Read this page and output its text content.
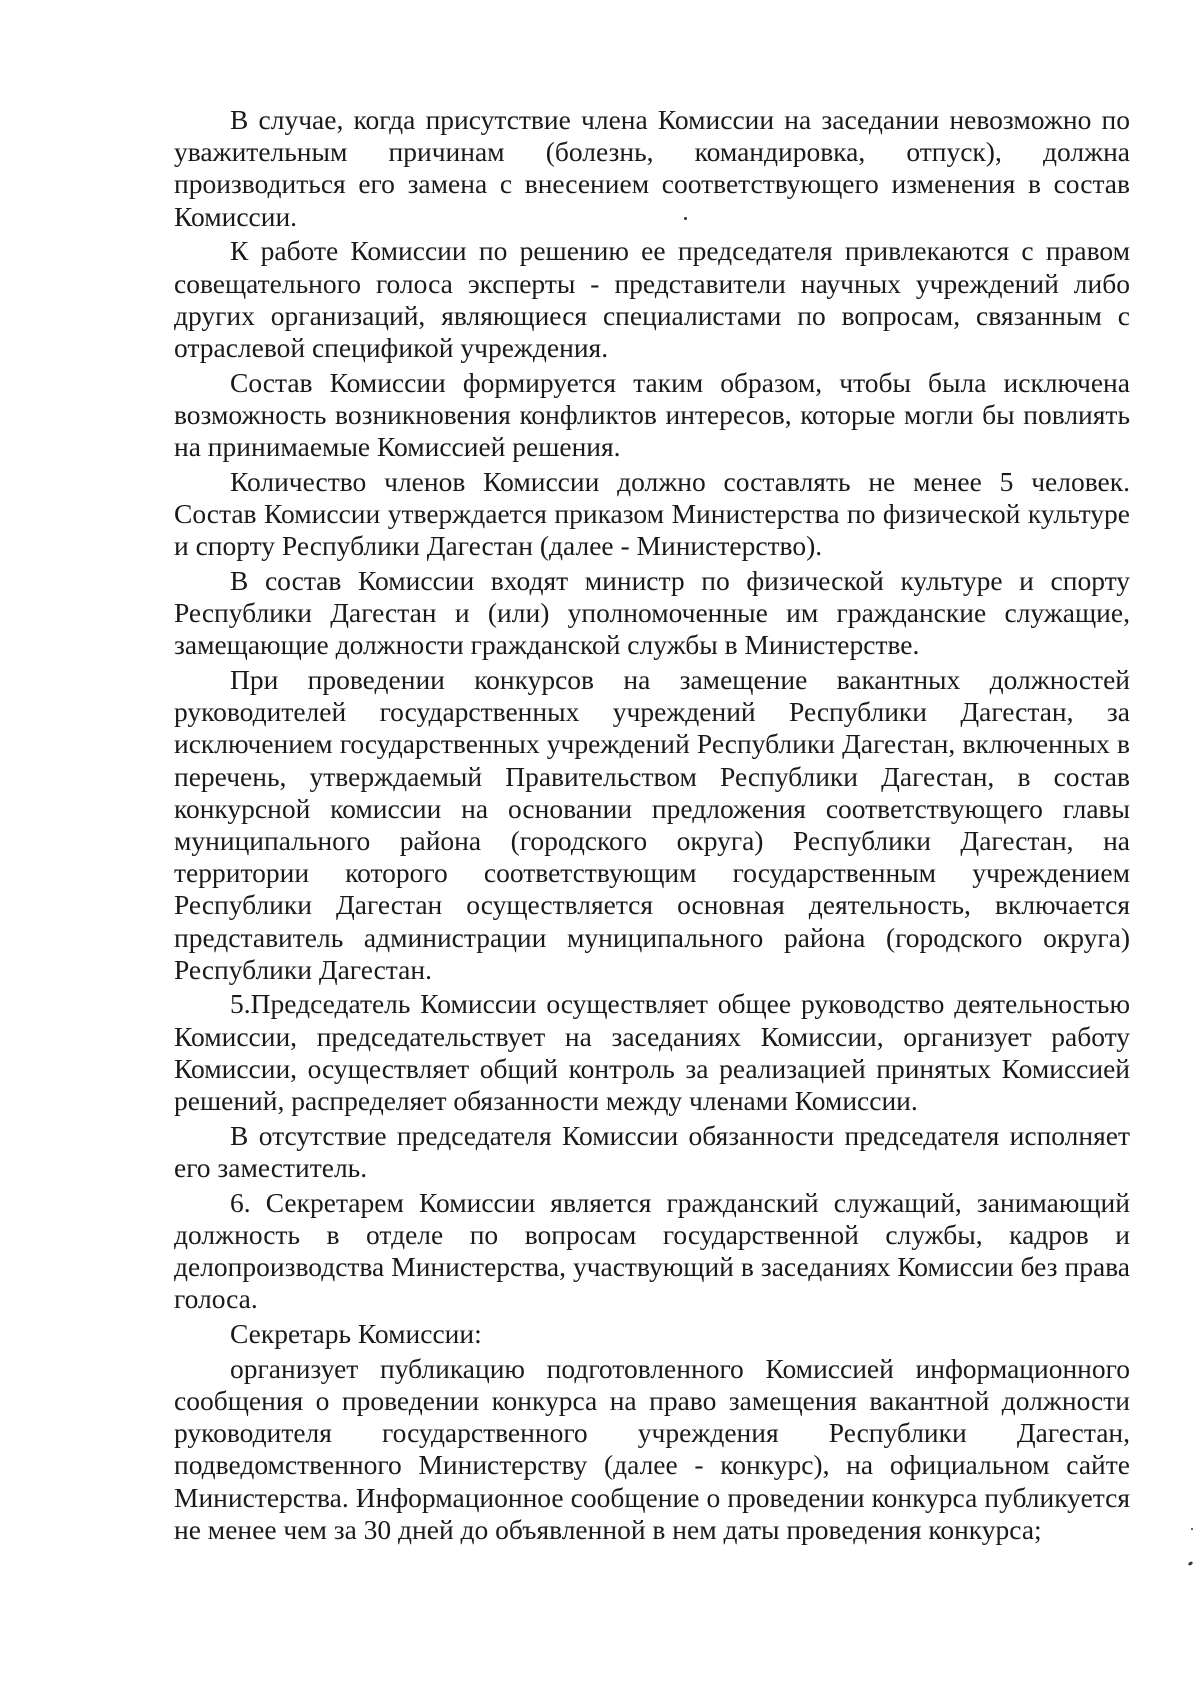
В случае, когда присутствие члена Комиссии на заседании невозможно по уважительным причинам (болезнь, командировка, отпуск), должна производиться его замена с внесением соответствующего изменения в состав Комиссии.

К работе Комиссии по решению ее председателя привлекаются с правом совещательного голоса эксперты - представители научных учреждений либо других организаций, являющиеся специалистами по вопросам, связанным с отраслевой спецификой учреждения.

Состав Комиссии формируется таким образом, чтобы была исключена возможность возникновения конфликтов интересов, которые могли бы повлиять на принимаемые Комиссией решения.

Количество членов Комиссии должно составлять не менее 5 человек. Состав Комиссии утверждается приказом Министерства по физической культуре и спорту Республики Дагестан (далее - Министерство).

В состав Комиссии входят министр по физической культуре и спорту Республики Дагестан и (или) уполномоченные им гражданские служащие, замещающие должности гражданской службы в Министерстве.

При проведении конкурсов на замещение вакантных должностей руководителей государственных учреждений Республики Дагестан, за исключением государственных учреждений Республики Дагестан, включенных в перечень, утверждаемый Правительством Республики Дагестан, в состав конкурсной комиссии на основании предложения соответствующего главы муниципального района (городского округа) Республики Дагестан, на территории которого соответствующим государственным учреждением Республики Дагестан осуществляется основная деятельность, включается представитель администрации муниципального района (городского округа) Республики Дагестан.

5.Председатель Комиссии осуществляет общее руководство деятельностью Комиссии, председательствует на заседаниях Комиссии, организует работу Комиссии, осуществляет общий контроль за реализацией принятых Комиссией решений, распределяет обязанности между членами Комиссии.

В отсутствие председателя Комиссии обязанности председателя исполняет его заместитель.

6. Секретарем Комиссии является гражданский служащий, занимающий должность в отделе по вопросам государственной службы, кадров и делопроизводства Министерства, участвующий в заседаниях Комиссии без права голоса.

Секретарь Комиссии:

организует публикацию подготовленного Комиссией информационного сообщения о проведении конкурса на право замещения вакантной должности руководителя государственного учреждения Республики Дагестан, подведомственного Министерству (далее - конкурс), на официальном сайте Министерства. Информационное сообщение о проведении конкурса публикуется не менее чем за 30 дней до объявленной в нем даты проведения конкурса;
